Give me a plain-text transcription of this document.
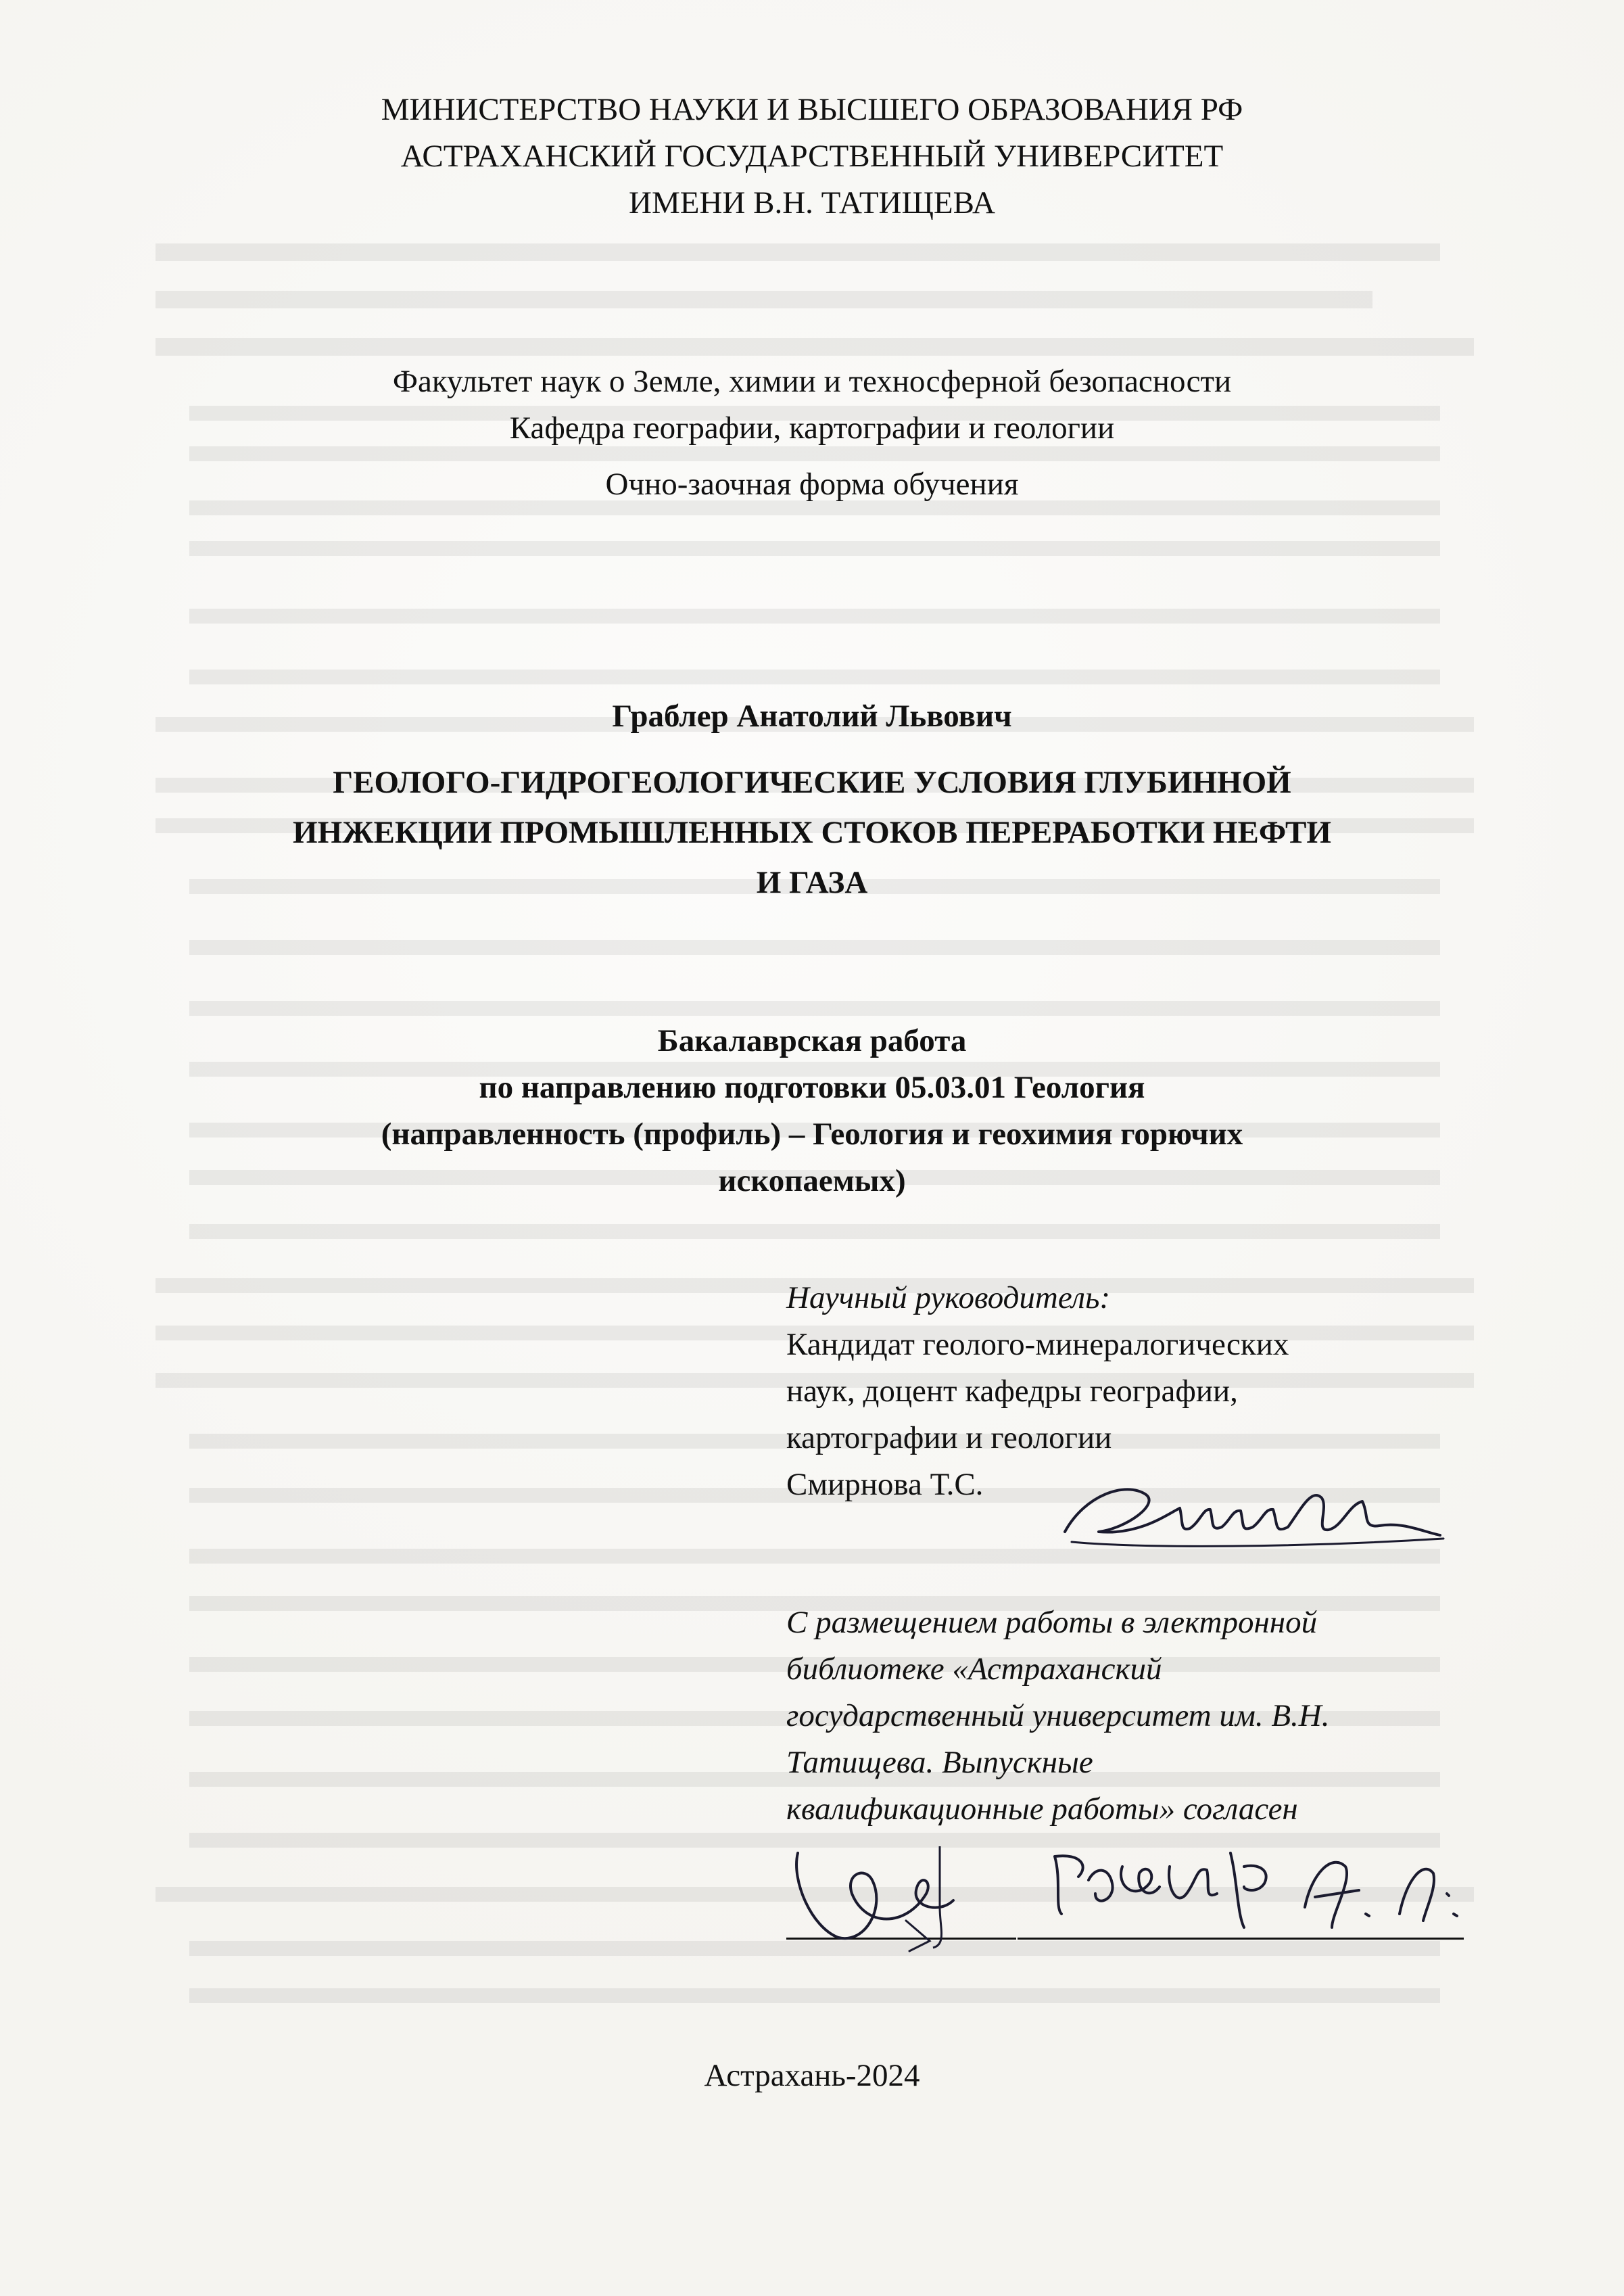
МИНИСТЕРСТВО НАУКИ И ВЫСШЕГО ОБРАЗОВАНИЯ РФ
АСТРАХАНСКИЙ ГОСУДАРСТВЕННЫЙ УНИВЕРСИТЕТ
ИМЕНИ В.Н. ТАТИЩЕВА
Факультет наук о Земле, химии и техносферной безопасности
Кафедра географии, картографии и геологии
Очно-заочная форма обучения
Граблер Анатолий Львович
ГЕОЛОГО-ГИДРОГЕОЛОГИЧЕСКИЕ УСЛОВИЯ ГЛУБИННОЙ
ИНЖЕКЦИИ ПРОМЫШЛЕННЫХ СТОКОВ ПЕРЕРАБОТКИ НЕФТИ
И ГАЗА
Бакалаврская работа
по направлению подготовки 05.03.01 Геология
(направленность (профиль) – Геология и геохимия горючих
ископаемых)
Научный руководитель:
Кандидат геолого-минералогических
наук, доцент кафедры географии,
картографии и геологии
Смирнова Т.С.
С размещением работы в электронной
библиотеке «Астраханский
государственный университет им. В.Н.
Татищева. Выпускные
квалификационные работы» согласен
Астрахань-2024
